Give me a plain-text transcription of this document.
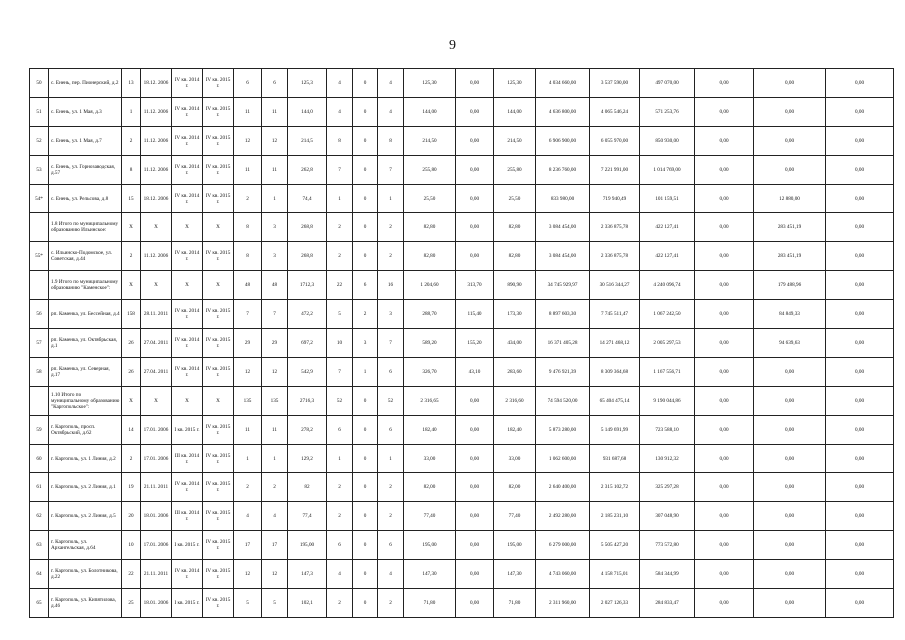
9
50	с. Енень, пер. Пионерский, д.2	13	18.12. 2006	IV кв. 2014 г.	IV кв. 2015 г.	6	6	125,3	4	0	4	125,30	0,00	125,30	4 034 660,00	3 537 590,00	497 070,00	0,00	0,00	0,00
51	с. Енень, ул. 1 Мая, д.3	1	11.12. 2006	IV кв. 2014 г.	IV кв. 2015 г.	11	11	144,0	4	0	4	144,00	0,00	144,00	4 636 800,00	4 065 546,24	571 253,76	0,00	0,00	0,00
52	с. Енень, ул. 1 Мая, д.7	2	11.12. 2006	IV кв. 2014 г.	IV кв. 2015 г.	12	12	214,5	8	0	8	214,50	0,00	214,50	6 906 900,00	6 055 970,00	850 930,00	0,00	0,00	0,00
53	с. Енень, ул. Горнозаводская, д.57	8	11.12. 2006	IV кв. 2014 г.	IV кв. 2015 г.	11	11	262,8	7	0	7	255,80	0,00	255,80	8 236 760,00	7 221 991,00	1 014 769,00	0,00	0,00	0,00
54*	с. Енень, ул. Рельсова, д.8	15	18.12. 2006	IV кв. 2014 г.	IV кв. 2015 г.	2	1	74,4	1	0	1	25,50	0,00	25,50	833 980,00	719 940,49	101 159,51	0,00	12 880,00	0,00
	1.8 Итого по муниципальному образованию Ильинское:	X	X	X	X	8	3	268,8	2	0	2	82,80	0,00	82,80	3 084 454,00	2 336 875,78	422 127,41	0,00	283 451,19	0,00
55*	с. Ильинско-Подомское, ул. Советская, д.44	2	11.12. 2006	IV кв. 2014 г.	IV кв. 2015 г.	8	3	268,8	2	0	2	82,80	0,00	82,80	3 084 454,00	2 336 875,78	422 127,41	0,00	283 451,19	0,00
	1.9 Итого по муниципальному образованию "Каменское":	X	X	X	X	48	48	1712,3	22	6	16	1 204,60	313,70	890,90	34 745 929,97	30 516 344,27	4 240 096,74	0,00	179 488,96	0,00
56	рп. Каменка, ул. Бессейная, д.4	158	28.11. 2011	IV кв. 2014 г.	IV кв. 2015 г.	7	7	472,2	5	2	3	288,70	115,40	173,30	8 897 603,30	7 745 511,47	1 067 242,50	0,00	84 849,33	0,00
57	рп. Каменка, ул. Октябрьская, д.1	26	27.04. 2011	IV кв. 2014 г.	IV кв. 2015 г.	29	29	697,2	10	3	7	589,20	155,20	434,00	16 371 405,28	14 271 468,12	2 005 297,53	0,00	94 639,63	0,00
58	рп. Каменка, ул. Северная, д.17	26	27.04. 2011	IV кв. 2014 г.	IV кв. 2015 г.	12	12	542,9	7	1	6	326,70	43,10	283,60	9 476 921,39	8 309 364,68	1 167 556,71	0,00	0,00	0,00
	1.10 Итого по муниципальному образованию "Каргопольское":	X	X	X	X	135	135	2716,3	52	0	52	2 316,65	0,00	2 316,60	74 594 520,00	65 404 475,14	9 190 044,86	0,00	0,00	0,00
59	г. Каргополь, просп. Октябрьский, д.62	14	17.01. 2006	I кв. 2015 г.	IV кв. 2015 г.	11	11	278,2	6	0	6	182,40	0,00	182,40	5 873 280,00	5 149 691,99	723 588,10	0,00	0,00	0,00
60	г. Каргополь, ул. 1 Линия, д.2	2	17.01. 2006	III кв. 2014 г.	IV кв. 2015 г.	1	1	129,2	1	0	1	33,00	0,00	33,00	1 062 600,00	931 687,68	130 912,32	0,00	0,00	0,00
61	г. Каргополь, ул. 2 Линия, д.1	19	21.11. 2011	IV кв. 2014 г.	IV кв. 2015 г.	2	2	82	2	0	2	82,00	0,00	82,00	2 640 400,00	2 315 102,72	325 297,28	0,00	0,00	0,00
62	г. Каргополь, ул. 2 Линия, д.5	20	18.01. 2006	III кв. 2014 г.	IV кв. 2015 г.	4	4	77,4	2	0	2	77,40	0,00	77,40	2 492 280,00	2 185 231,10	307 048,90	0,00	0,00	0,00
63	г. Каргополь, ул. Архангельская, д.64	10	17.01. 2006	I кв. 2015 г.	IV кв. 2015 г.	17	17	195,00	6	0	6	195,00	0,00	195,00	6 279 000,00	5 505 427,20	773 572,80	0,00	0,00	0,00
64	г. Каргополь, ул. Болотникова, д.22	22	21.11. 2011	IV кв. 2014 г.	IV кв. 2015 г.	12	12	147,3	4	0	4	147,30	0,00	147,30	4 743 060,00	4 158 715,01	584 344,99	0,00	0,00	0,00
65	г. Каргополь, ул. Кипятилова, д.46	25	18.01. 2006	I кв. 2015 г.	IV кв. 2015 г.	5	5	102,1	2	0	2	71,80	0,00	71,80	2 311 960,00	2 027 126,33	284 833,47	0,00	0,00	0,00
